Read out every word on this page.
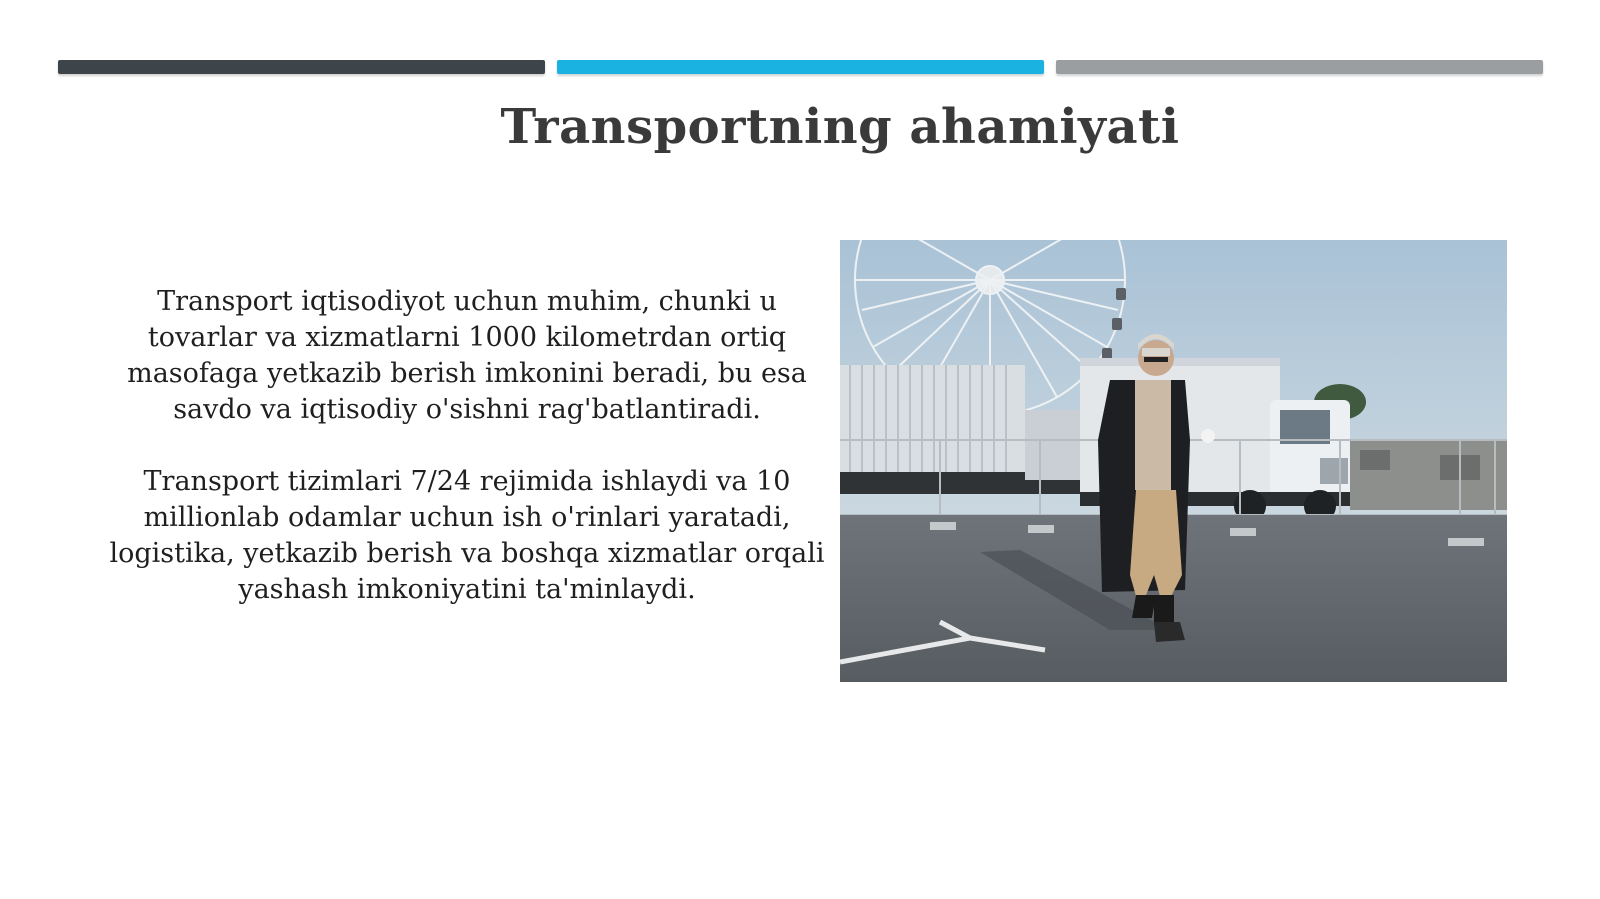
Transportning ahamiyati

Transport iqtisodiyot uchun muhim, chunki u tovarlar va xizmatlarni 1000 kilometrdan ortiq masofaga yetkazib berish imkonini beradi, bu esa savdo va iqtisodiy o'sishni rag'batlantiradi.

Transport tizimlari 7/24 rejimida ishlaydi va 10 millionlab odamlar uchun ish o'rinlari yaratadi, logistika, yetkazib berish va boshqa xizmatlar orqali yashash imkoniyatini ta'minlaydi.
